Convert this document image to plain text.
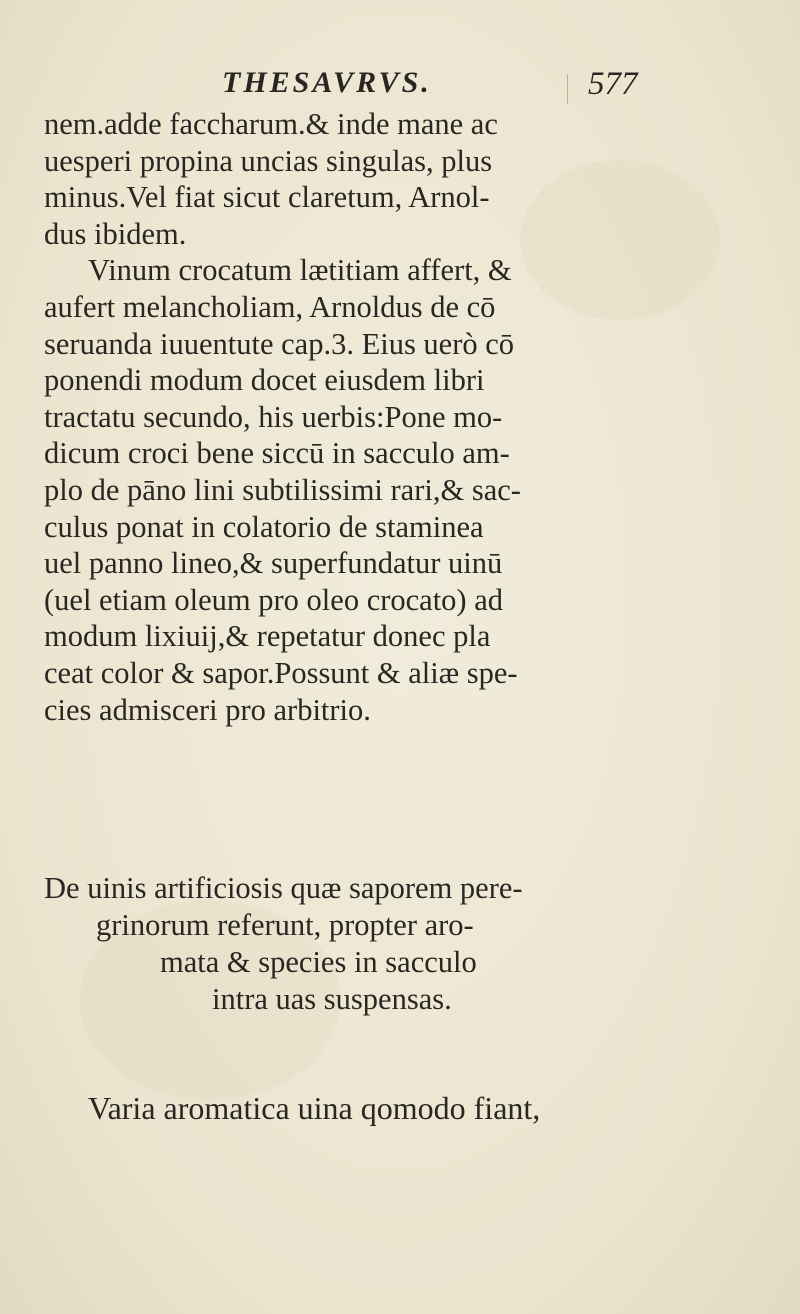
THESAVRVS.	577
nem.adde faccharum.& inde mane ac
uesperi propina uncias singulas, plus
minus.Vel fiat sicut claretum, Arnol-
dus ibidem.
Vinum crocatum lætitiam affert, &
aufert melancholiam, Arnoldus de cō
seruanda iuuentute cap.3. Eius uerò cō
ponendi modum docet eiusdem libri
tractatu secundo, his uerbis:Pone mo-
dicum croci bene siccū in sacculo am-
plo de pāno lini subtilissimi rari,& sac-
culus ponat in colatorio de staminea
uel panno lineo,& superfundatur uinū
(uel etiam oleum pro oleo crocato) ad
modum lixiuij,& repetatur donec pla
ceat color & sapor.Possunt & aliæ spe-
cies admisceri pro arbitrio.
De uinis artificiosis quæ saporem pere-
grinorum referunt, propter aro-
mata & species in sacculo
intra uas suspensas.
Varia aromatica uina qomodo fiant,
